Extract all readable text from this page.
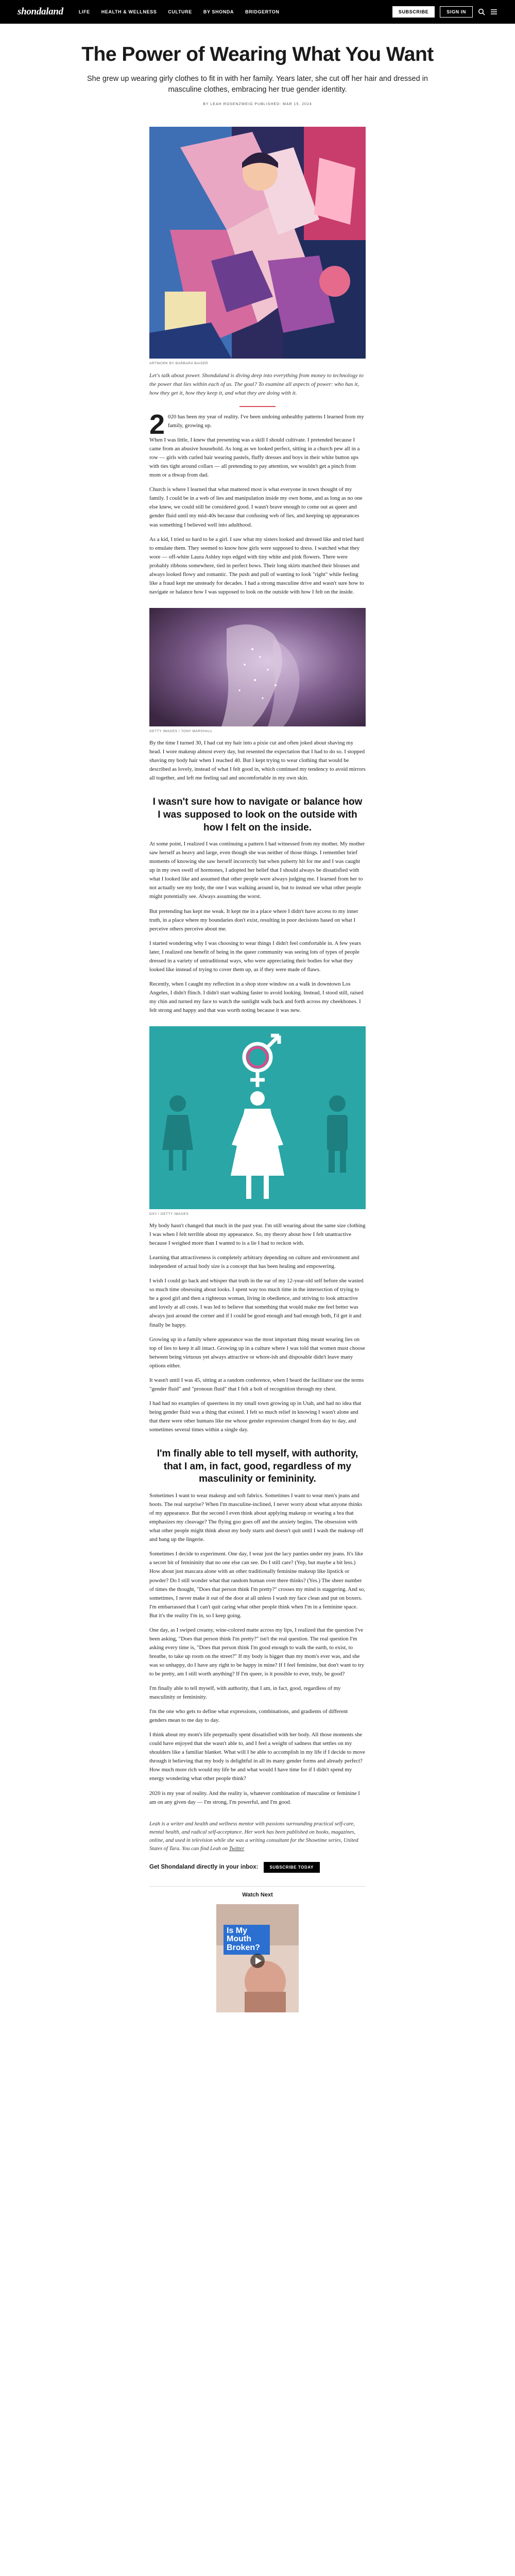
shondaland	LIFE HEALTH & WELLNESS CULTURE BY SHONDA BRIDGERTON	SUBSCRIBE	SIGN IN
The Power of Wearing What You Want

She grew up wearing girly clothes to fit in with her family. Years later, she cut off her hair and dressed in masculine clothes, embracing her true gender identity.

BY LEAH ROSENZWEIG PUBLISHED: MAR 15, 2024

ARTWORK BY BARBARA BAISER

Let's talk about power. Shondaland is diving deep into everything from money to technology to the power that lies within each of us. The goal? To examine all aspects of power: who has it, how they get it, how they keep it, and what they are doing with it.

2 020 has been my year of reality. I've been undoing unhealthy patterns I learned from my family, growing up.

When I was little, I knew that presenting was a skill I should cultivate. I pretended because I came from an abusive household. As long as we looked perfect, sitting in a church pew all in a row — girls with curled hair wearing pastels, fluffy dresses and boys in their white button ups with ties tight around collars — all pretending to pay attention, we wouldn't get a pinch from mom or a thwap from dad.

Church is where I learned that what mattered most is what everyone in town thought of my family. I could be in a web of lies and manipulation inside my own home, and as long as no one else knew, we could still be considered good. I wasn't brave enough to come out as queer and gender fluid until my mid-40s because that confusing web of lies, and keeping up appearances was something I believed well into adulthood.

As a kid, I tried so hard to be a girl. I saw what my sisters looked and dressed like and tried hard to emulate them. They seemed to know how girls were supposed to dress. I watched what they wore — off-white Laura Ashley tops edged with tiny white and pink flowers. There were probably ribbons somewhere, tied in perfect bows. Their long skirts matched their blouses and always looked flowy and romantic. The push and pull of wanting to look "right" while feeling like a fraud kept me unsteady for decades. I had a strong masculine drive and wasn't sure how to navigate or balance how I was supposed to look on the outside with how I felt on the inside.

GETTY IMAGES / TONY MARSHALL

By the time I turned 30, I had cut my hair into a pixie cut and often joked about shaving my head. I wore makeup almost every day, but resented the expectation that I had to do so. I stopped shaving my body hair when I reached 40. But I kept trying to wear clothing that would be described as lovely, instead of what I felt good in, which continued my tendency to avoid mirrors all together, and left me feeling sad and uncomfortable in my own skin.

I wasn't sure how to navigate or balance how I was supposed to look on the outside with how I felt on the inside.

At some point, I realized I was continuing a pattern I had witnessed from my mother. My mother saw herself as heavy and large, even though she was neither of those things. I remember brief moments of knowing she saw herself incorrectly but when puberty hit for me and I was caught up in my own swell of hormones, I adopted her belief that I should always be dissatisfied with what I looked like and assumed that other people were always judging me. I learned from her to not actually see my body, the one I was walking around in, but to instead see what other people might potentially see. Always assuming the worst.

But pretending has kept me weak. It kept me in a place where I didn't have access to my inner truth, in a place where my boundaries don't exist, resulting in poor decisions based on what I perceive others perceive about me.

I started wondering why I was choosing to wear things I didn't feel comfortable in. A few years later, I realized one benefit of being in the queer community was seeing lots of types of people dressed in a variety of untraditional ways, who were appreciating their bodies for what they looked like instead of trying to cover them up, as if they were made of flaws.

Recently, when I caught my reflection in a shop store window on a walk in downtown Los Angeles, I didn't flinch. I didn't start walking faster to avoid looking. Instead, I stood still, raised my chin and turned my face to watch the sunlight walk back and forth across my cheekbones. I felt strong and happy and that was worth noting because it was new.

DSY / GETTY IMAGES

My body hasn't changed that much in the past year. I'm still wearing about the same size clothing I was when I felt terrible about my appearance. So, my theory about how I felt unattractive because I weighed more than I wanted to is a lie I had to reckon with.

Learning that attractiveness is completely arbitrary depending on culture and environment and independent of actual body size is a concept that has been healing and empowering.

I wish I could go back and whisper that truth in the ear of my 12-year-old self before she wasted so much time obsessing about looks. I spent way too much time in the intersection of trying to be a good girl and then a righteous woman, living in obedience, and striving to look attractive and lovely at all costs. I was led to believe that something that would make me feel better was always just around the corner and if I could be good enough and bad enough both, I'd get it and finally be happy.

Growing up in a family where appearance was the most important thing meant wearing lies on top of lies to keep it all intact. Growing up in a culture where I was told that women must choose between being virtuous yet always attractive or whore-ish and disposable didn't leave many options either.

It wasn't until I was 45, sitting at a random conference, when I heard the facilitator use the terms "gender fluid" and "pronoun fluid" that I felt a bolt of recognition through my chest.

I had had no examples of queerness in my small town growing up in Utah, and had no idea that being gender fluid was a thing that existed. I felt so much relief in knowing I wasn't alone and that there were other humans like me whose gender expression changed from day to day, and sometimes several times within a single day.

I'm finally able to tell myself, with authority, that I am, in fact, good, regardless of my masculinity or femininity.

Sometimes I want to wear makeup and soft fabrics. Sometimes I want to wear men's jeans and boots. The real surprise? When I'm masculine-inclined, I never worry about what anyone thinks of my appearance. But the second I even think about applying makeup or wearing a bra that emphasizes my cleavage? The flying goo goes off and the anxiety begins. The obsession with what other people might think about my body starts and doesn't quit until I wash the makeup off and bang up the lingerie.

Sometimes I decide to experiment. One day, I wear just the lacy panties under my jeans. It's like a secret bit of femininity that no one else can see. Do I still care? (Yep, but maybe a bit less.) How about just mascara alone with an other traditionally feminine makeup like lipstick or powder? Do I still wonder what that random human over there thinks? (Yes.) The sheer number of times the thought, "Does that person think I'm pretty?" crosses my mind is staggering. And so, sometimes, I never make it out of the door at all unless I wash my face clean and put on boxers. I'm embarrassed that I can't quit caring what other people think when I'm in a feminine space. But it's the reality I'm in, so I keep going.

One day, as I swiped creamy, wine-colored matte across my lips, I realized that the question I've been asking, "Does that person think I'm pretty?" isn't the real question. The real question I'm asking every time is, "Does that person think I'm good enough to walk the earth, to exist, to breathe, to take up room on the street?" If my body is bigger than my mom's ever was, and she was so unhappy, do I have any right to be happy in mine? If I feel feminine, but don't want to try to be pretty, am I still worth anything? If I'm queer, is it possible to ever, truly, be good?

I'm finally able to tell myself, with authority, that I am, in fact, good, regardless of my masculinity or femininity.

I'm the one who gets to define what expressions, combinations, and gradients of different genders mean to me day to day.

I think about my mom's life perpetually spent dissatisfied with her body. All those moments she could have enjoyed that she wasn't able to, and I feel a weight of sadness that settles on my shoulders like a familiar blanket. What will I be able to accomplish in my life if I decide to move through it believing that my body is delightful in all its many gender forms and already perfect? How much more rich would my life be and what would I have time for if I didn't spend my energy wondering what other people think?

2020 is my year of reality. And the reality is, whatever combination of masculine or feminine I am on any given day — I'm strong, I'm powerful, and I'm good.

Leah is a writer and health and wellness mentor with passions surrounding practical self-care, mental health, and radical self-acceptance. Her work has been published on books, magazines, online, and used in television while she was a writing consultant for the Showtime series, United States of Tara. You can find Leah on Twitter

Get Shondaland directly in your inbox:	SUBSCRIBE TODAY

Watch Next

Is My Mouth Broken?
